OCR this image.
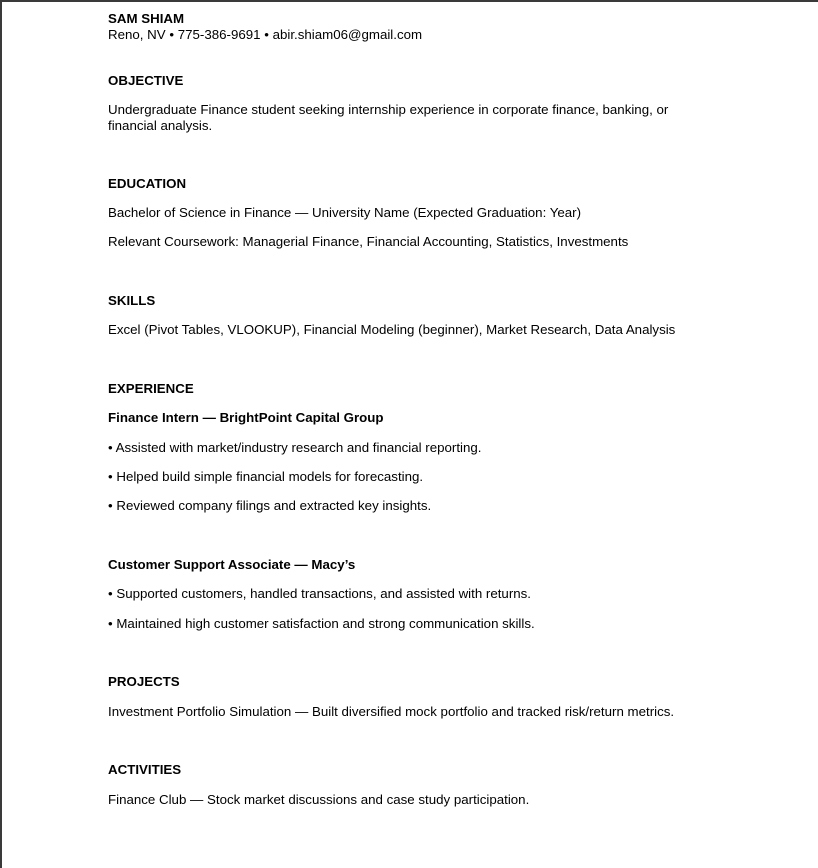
SAM SHIAM

Reno, NV • 775-386-9691 • abir.shiam06@gmail.com

OBJECTIVE

Undergraduate Finance student seeking internship experience in corporate finance, banking, or financial analysis.

EDUCATION

Bachelor of Science in Finance — University Name (Expected Graduation: Year)

Relevant Coursework: Managerial Finance, Financial Accounting, Statistics, Investments

SKILLS

Excel (Pivot Tables, VLOOKUP), Financial Modeling (beginner), Market Research, Data Analysis

EXPERIENCE

Finance Intern — BrightPoint Capital Group

• Assisted with market/industry research and financial reporting.

• Helped build simple financial models for forecasting.

• Reviewed company filings and extracted key insights.

Customer Support Associate — Macy’s

• Supported customers, handled transactions, and assisted with returns.

• Maintained high customer satisfaction and strong communication skills.

PROJECTS

Investment Portfolio Simulation — Built diversified mock portfolio and tracked risk/return metrics.

ACTIVITIES

Finance Club — Stock market discussions and case study participation.
